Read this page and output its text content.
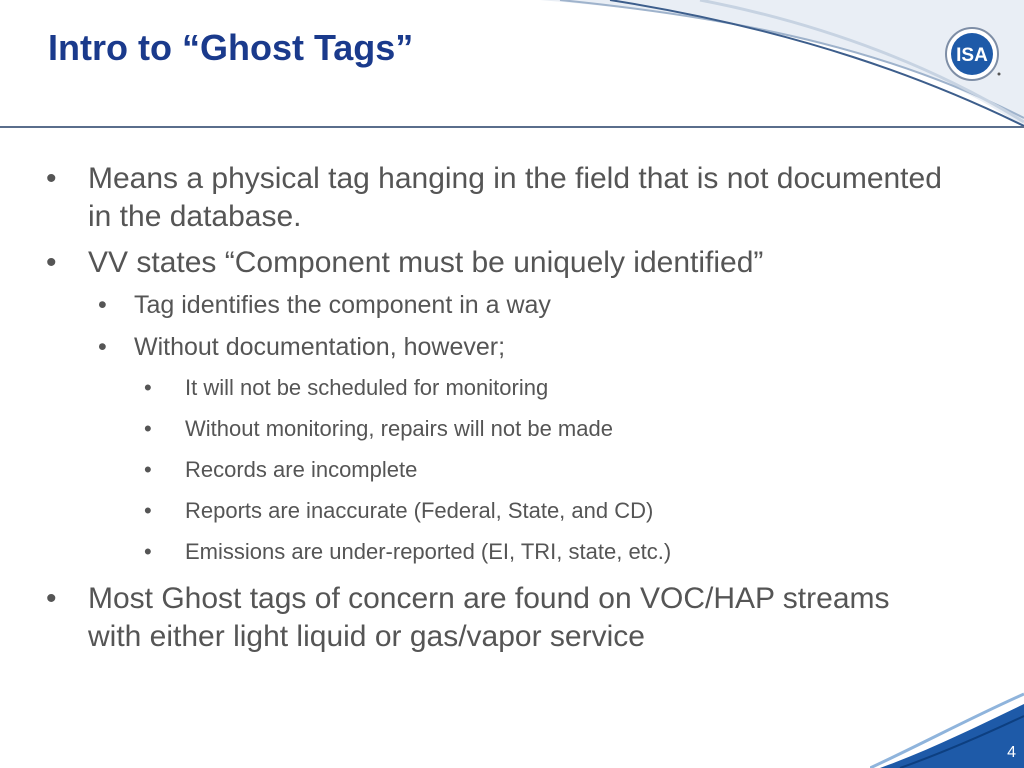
Intro to “Ghost Tags”	ISA

• Means a physical tag hanging in the field that is not documented in the database.

• VV states “Component must be uniquely identified”

• Tag identifies the component in a way

• Without documentation, however;

• It will not be scheduled for monitoring

• Without monitoring, repairs will not be made

• Records are incomplete

• Reports are inaccurate (Federal, State, and CD)

• Emissions are under-reported (EI, TRI, state, etc.)

• Most Ghost tags of concern are found on VOC/HAP streams with either light liquid or gas/vapor service

4
